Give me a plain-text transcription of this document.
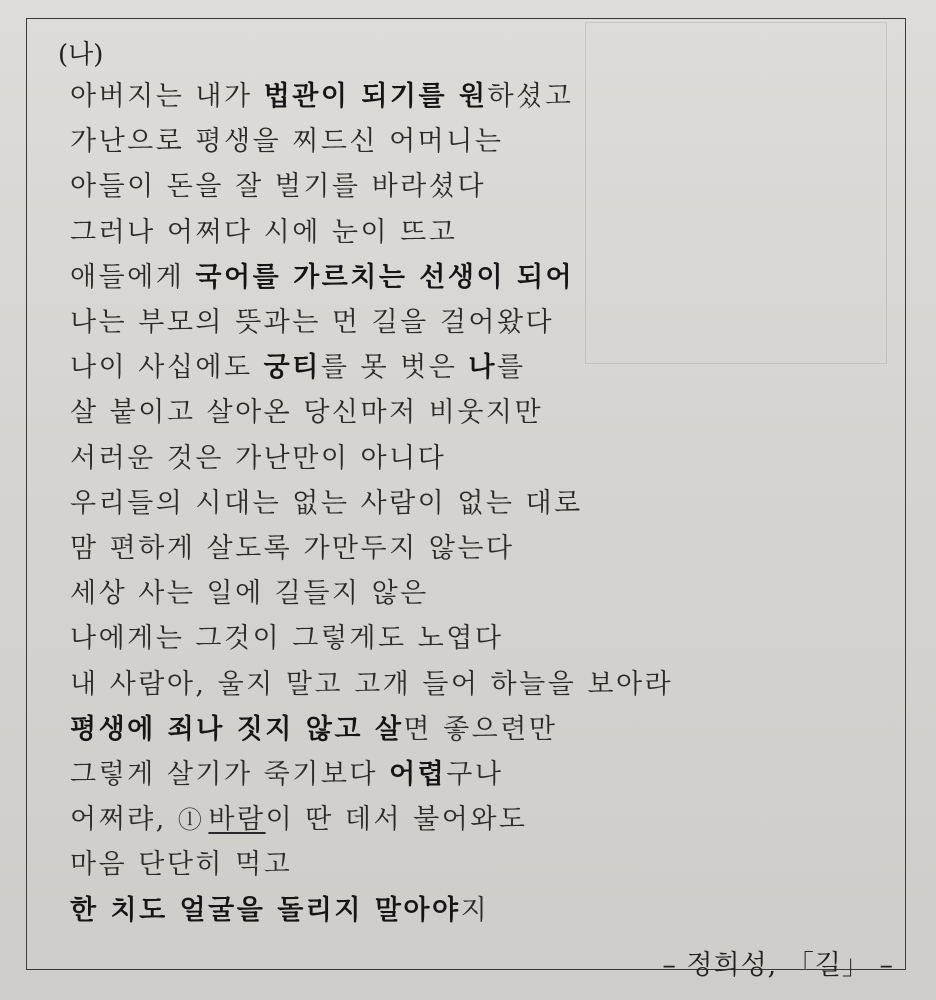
(나)
아버지는 내가 법관이 되기를 원하셨고
가난으로 평생을 찌드신 어머니는
아들이 돈을 잘 벌기를 바라셨다
그러나 어쩌다 시에 눈이 뜨고
애들에게 국어를 가르치는 선생이 되어
나는 부모의 뜻과는 먼 길을 걸어왔다
나이 사십에도 궁티를 못 벗은 나를
살 붙이고 살아온 당신마저 비웃지만
서러운 것은 가난만이 아니다
우리들의 시대는 없는 사람이 없는 대로
맘 편하게 살도록 가만두지 않는다
세상 사는 일에 길들지 않은
나에게는 그것이 그렇게도 노엽다
내 사람아, 울지 말고 고개 들어 하늘을 보아라
평생에 죄나 짓지 않고 살면 좋으련만
그렇게 살기가 죽기보다 어렵구나
어쩌랴, ⓛ 바람이 딴 데서 불어와도
마음 단단히 먹고
한 치도 얼굴을 돌리지 말아야지
– 정희성, 「길」 –
